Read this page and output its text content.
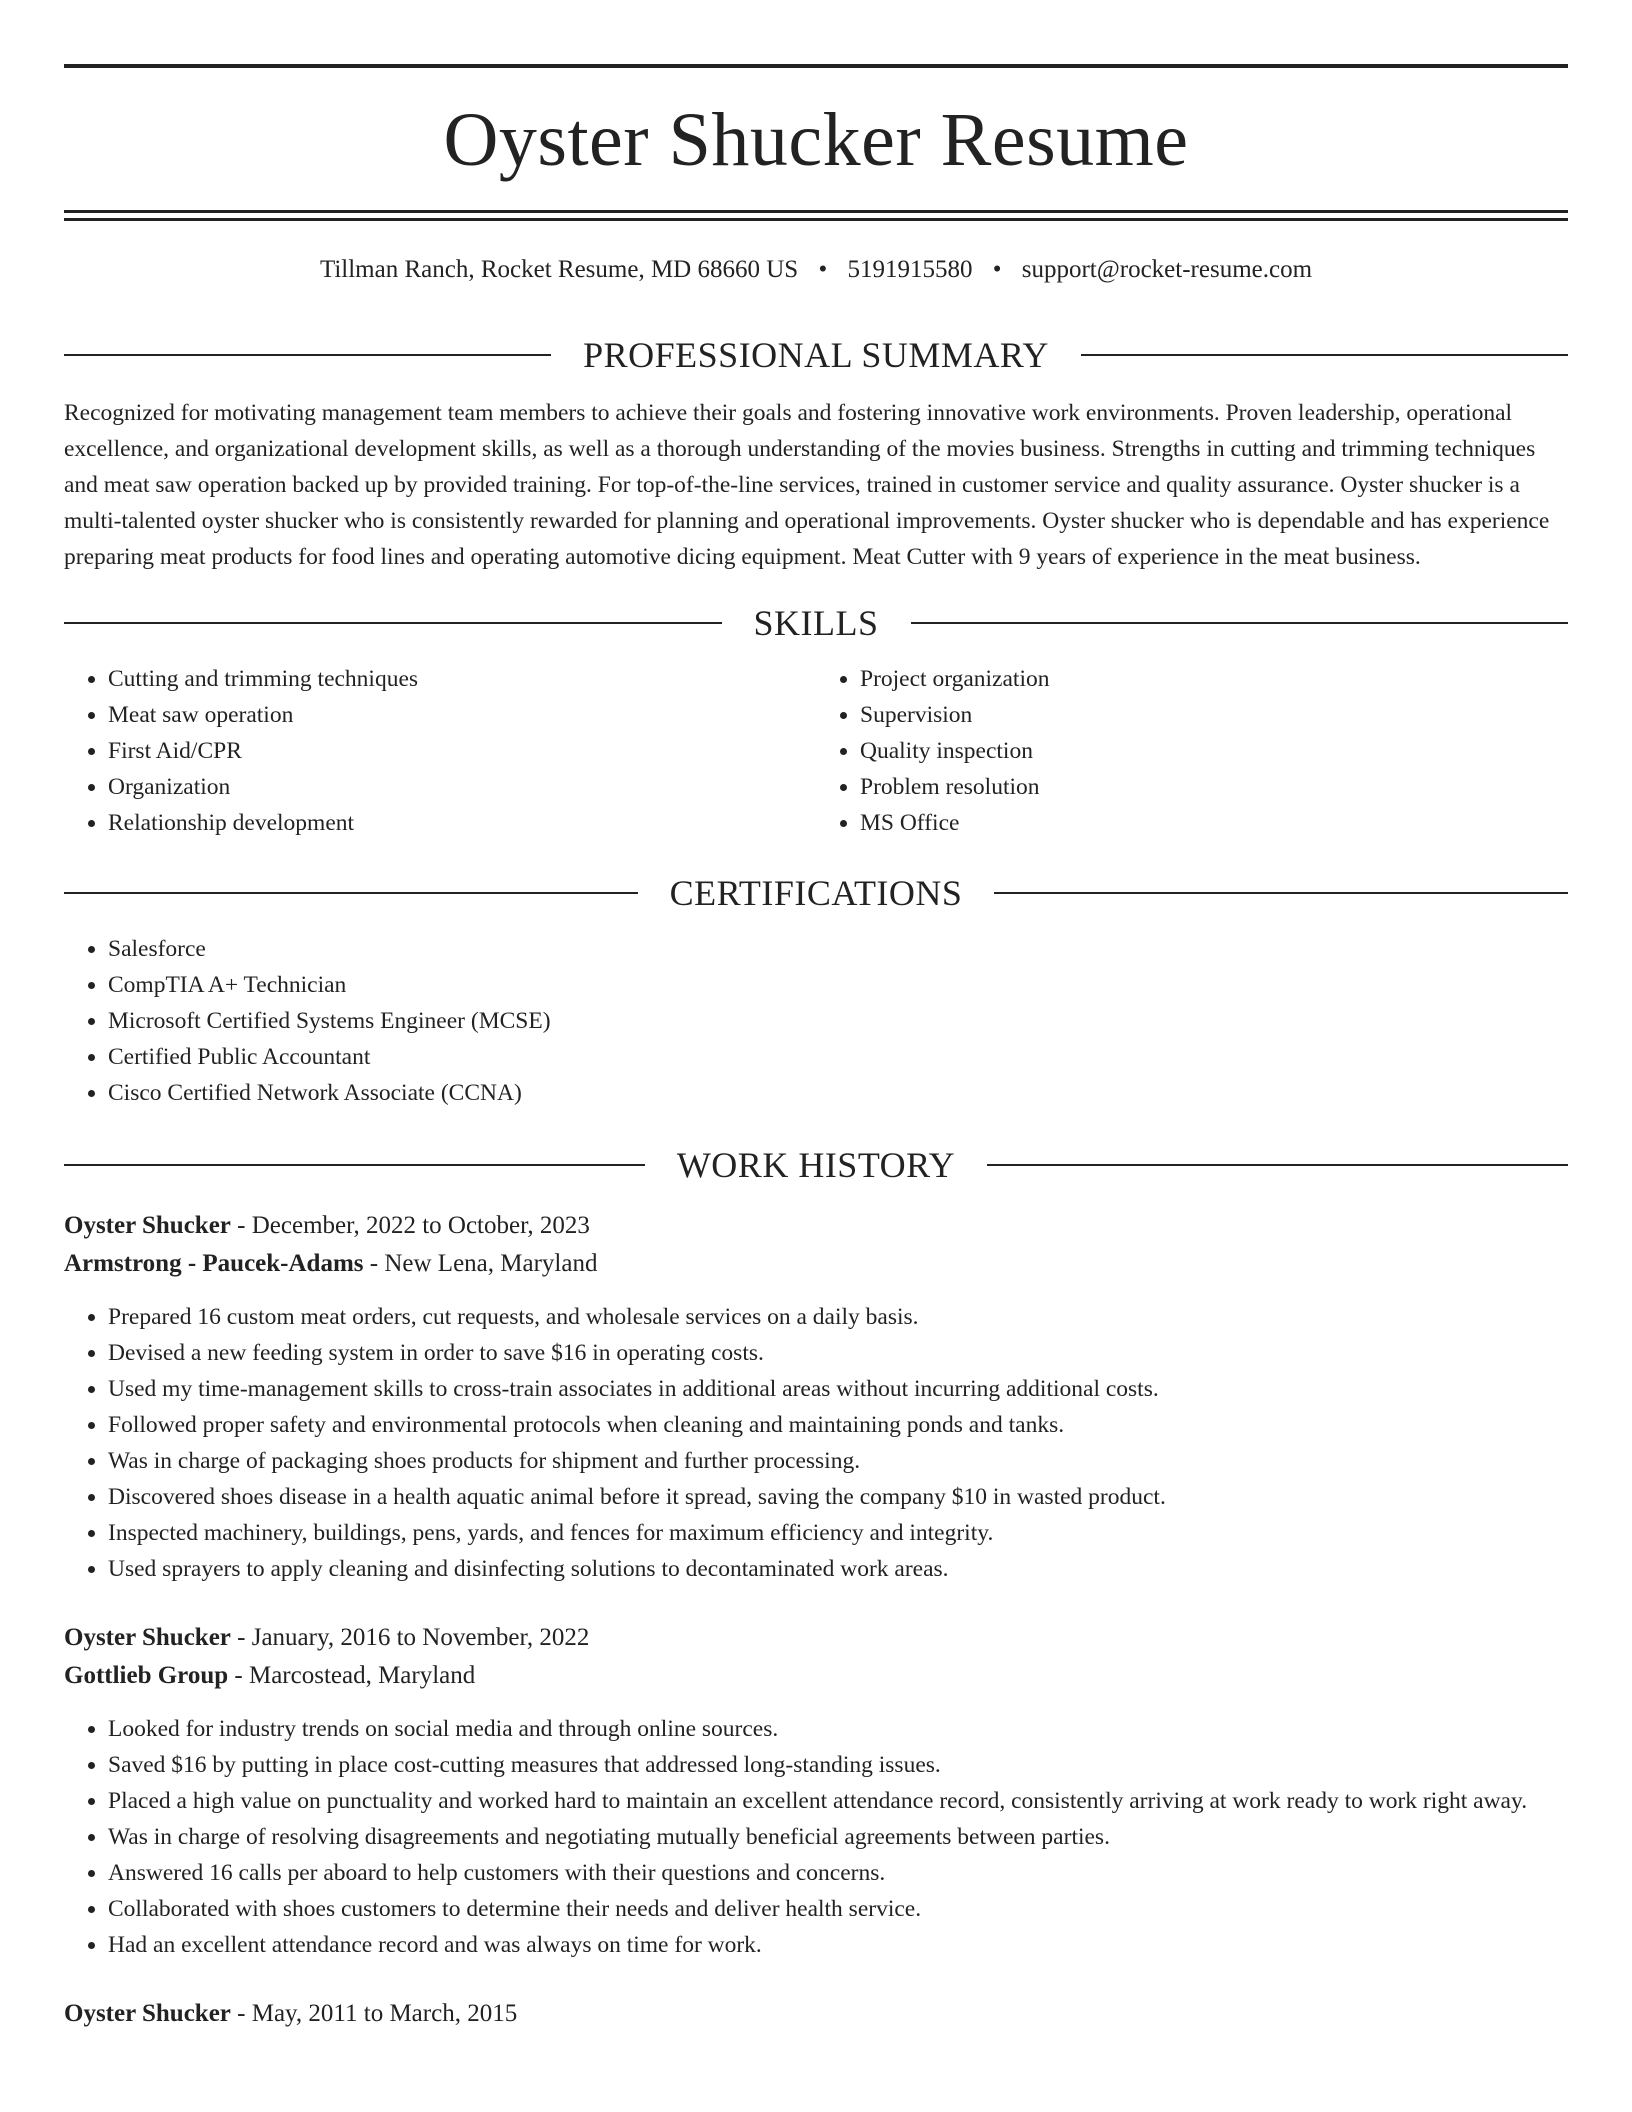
Oyster Shucker Resume
Tillman Ranch, Rocket Resume, MD 68660 US • 5191915580 • support@rocket-resume.com
PROFESSIONAL SUMMARY

Recognized for motivating management team members to achieve their goals and fostering innovative work environments. Proven leadership, operational excellence, and organizational development skills, as well as a thorough understanding of the movies business. Strengths in cutting and trimming techniques and meat saw operation backed up by provided training. For top-of-the-line services, trained in customer service and quality assurance. Oyster shucker is a multi-talented oyster shucker who is consistently rewarded for planning and operational improvements. Oyster shucker who is dependable and has experience preparing meat products for food lines and operating automotive dicing equipment. Meat Cutter with 9 years of experience in the meat business.

SKILLS
• Cutting and trimming techniques
• Meat saw operation
• First Aid/CPR
• Organization
• Relationship development
• Project organization
• Supervision
• Quality inspection
• Problem resolution
• MS Office
CERTIFICATIONS
• Salesforce
• CompTIA A+ Technician
• Microsoft Certified Systems Engineer (MCSE)
• Certified Public Accountant
• Cisco Certified Network Associate (CCNA)
WORK HISTORY
Oyster Shucker - December, 2022 to October, 2023
Armstrong - Paucek-Adams - New Lena, Maryland
• Prepared 16 custom meat orders, cut requests, and wholesale services on a daily basis.
• Devised a new feeding system in order to save $16 in operating costs.
• Used my time-management skills to cross-train associates in additional areas without incurring additional costs.
• Followed proper safety and environmental protocols when cleaning and maintaining ponds and tanks.
• Was in charge of packaging shoes products for shipment and further processing.
• Discovered shoes disease in a health aquatic animal before it spread, saving the company $10 in wasted product.
• Inspected machinery, buildings, pens, yards, and fences for maximum efficiency and integrity.
• Used sprayers to apply cleaning and disinfecting solutions to decontaminated work areas.
Oyster Shucker - January, 2016 to November, 2022
Gottlieb Group - Marcostead, Maryland
• Looked for industry trends on social media and through online sources.
• Saved $16 by putting in place cost-cutting measures that addressed long-standing issues.
• Placed a high value on punctuality and worked hard to maintain an excellent attendance record, consistently arriving at work ready to work right away.
• Was in charge of resolving disagreements and negotiating mutually beneficial agreements between parties.
• Answered 16 calls per aboard to help customers with their questions and concerns.
• Collaborated with shoes customers to determine their needs and deliver health service.
• Had an excellent attendance record and was always on time for work.
Oyster Shucker - May, 2011 to March, 2015
